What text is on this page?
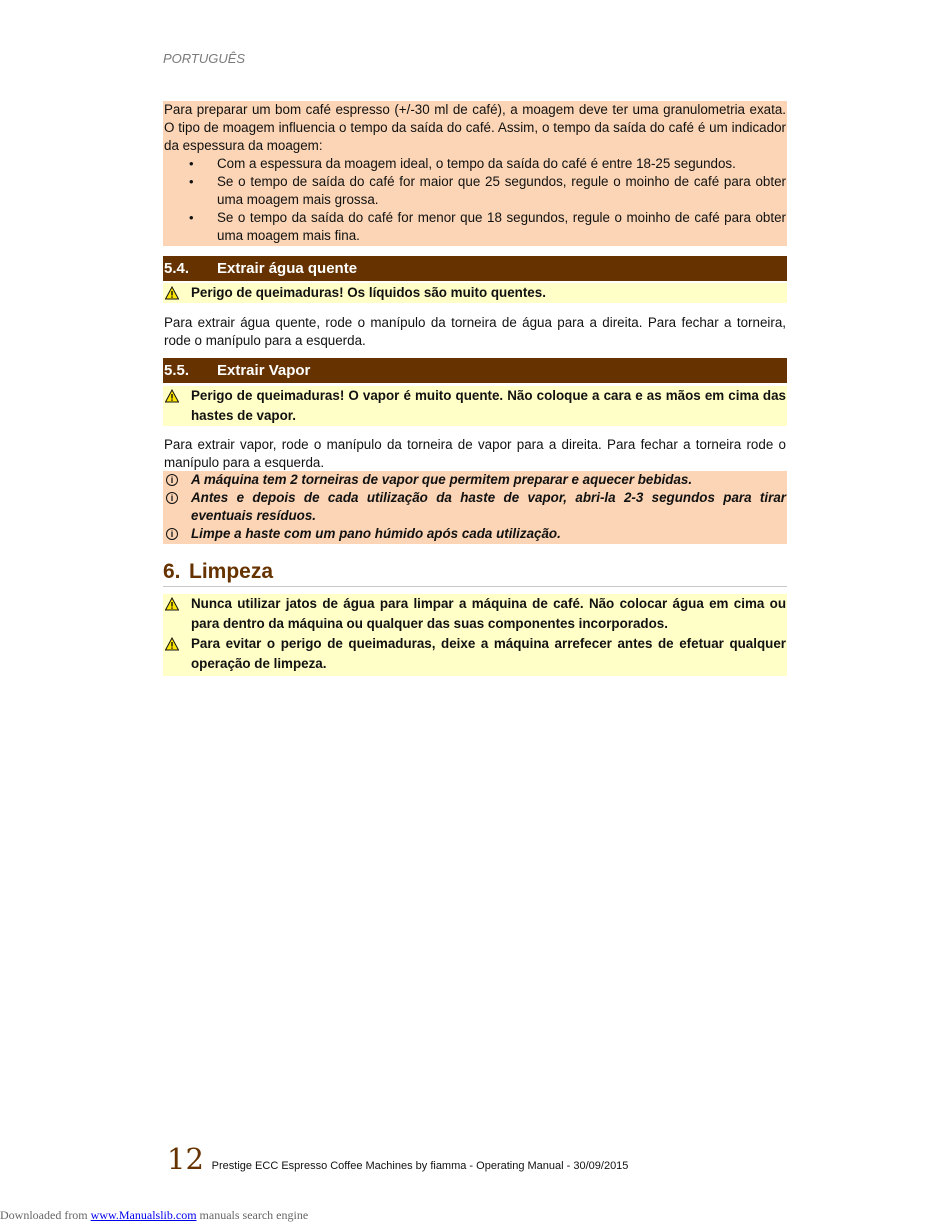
PORTUGUÊS

Para preparar um bom café espresso (+/-30 ml de café), a moagem deve ter uma granulometria exata. O tipo de moagem influencia o tempo da saída do café. Assim, o tempo da saída do café é um indicador da espessura da moagem:

• Com a espessura da moagem ideal, o tempo da saída do café é entre 18-25 segundos.
• Se o tempo de saída do café for maior que 25 segundos, regule o moinho de café para obter uma moagem mais grossa.
• Se o tempo da saída do café for menor que 18 segundos, regule o moinho de café para obter uma moagem mais fina.
5.4. Extrair água quente
Perigo de queimaduras! Os líquidos são muito quentes.

Para extrair água quente, rode o manípulo da torneira de água para a direita. Para fechar a torneira, rode o manípulo para a esquerda.

5.5. Extrair Vapor
Perigo de queimaduras! O vapor é muito quente. Não coloque a cara e as mãos em cima das hastes de vapor.

Para extrair vapor, rode o manípulo da torneira de vapor para a direita. Para fechar a torneira rode o manípulo para a esquerda.

i	A máquina tem 2 torneiras de vapor que permitem preparar e aquecer bebidas.
i	Antes e depois de cada utilização da haste de vapor, abri-la 2-3 segundos para tirar eventuais resíduos.
i	Limpe a haste com um pano húmido após cada utilização.
6. Limpeza
Nunca utilizar jatos de água para limpar a máquina de café. Não colocar água em cima ou para dentro da máquina ou qualquer das suas componentes incorporados.
Para evitar o perigo de queimaduras, deixe a máquina arrefecer antes de efetuar qualquer operação de limpeza.
12 Prestige ECC Espresso Coffee Machines by fiamma - Operating Manual - 30/09/2015
Downloaded from www.Manualslib.com manuals search engine
